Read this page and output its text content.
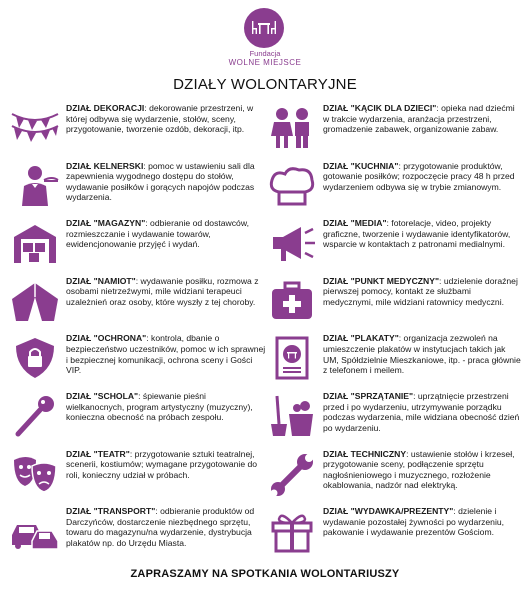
Fundacja
WOLNE MIEJSCE
DZIAŁY WOLONTARYJNE
DZIAŁ DEKORACJI: dekorowanie przestrzeni, w której odbywa się wydarzenie, stołów, sceny, przygotowanie, tworzenie ozdób, dekoracji, itp.
DZIAŁ KELNERSKI: pomoc w ustawieniu sali dla zapewnienia wygodnego dostępu do stołów, wydawanie posiłków i gorących napojów podczas wydarzenia.
DZIAŁ "MAGAZYN": odbieranie od dostawców, rozmieszczanie i wydawanie towarów, ewidencjonowanie przyjęć i wydań.
DZIAŁ "NAMIOT": wydawanie posiłku, rozmowa z osobami nietrzeźwymi, mile widziani terapeuci uzależnień oraz osoby, które wyszły z tej choroby.
DZIAŁ "OCHRONA": kontrola, dbanie o bezpieczeństwo uczestników, pomoc w ich sprawnej i bezpiecznej komunikacji, ochrona sceny i Gości VIP.
DZIAŁ "SCHOLA": śpiewanie pieśni wielkanocnych, program artystyczny (muzyczny), konieczna obecność na próbach zespołu.
DZIAŁ "TEATR": przygotowanie sztuki teatralnej, scenerii, kostiumów; wymagane przygotowanie do roli, konieczny udział w próbach.
DZIAŁ "TRANSPORT": odbieranie produktów od Darczyńców, dostarczenie niezbędnego sprzętu, towaru do magazynu/na wydarzenie, dystrybucja plakatów np. do Urzędu Miasta.
DZIAŁ "KĄCIK DLA DZIECI": opieka nad dziećmi w trakcie wydarzenia, aranżacja przestrzeni, gromadzenie zabawek, organizowanie zabaw.
DZIAŁ "KUCHNIA": przygotowanie produktów, gotowanie posiłków; rozpoczęcie pracy 48 h przed wydarzeniem odbywa się w trybie zmianowym.
DZIAŁ "MEDIA": fotorelacje, video, projekty graficzne, tworzenie i wydawanie identyfikatorów, wsparcie w kontaktach z patronami medialnymi.
DZIAŁ "PUNKT MEDYCZNY": udzielenie doraźnej pierwszej pomocy, kontakt ze służbami medycznymi, mile widziani ratownicy medyczni.
DZIAŁ "PLAKATY": organizacja zezwoleń na umieszczenie plakatów w instytucjach takich jak UM, Spółdzielnie Mieszkaniowe, itp. - praca głównie z telefonem i meilem.
DZIAŁ "SPRZĄTANIE": uprzątnięcie przestrzeni przed i po wydarzeniu, utrzymywanie porządku podczas wydarzenia, mile widziana obecność dzień po wydarzeniu.
DZIAŁ TECHNICZNY: ustawienie stołów i krzeseł, przygotowanie sceny, podłączenie sprzętu nagłośnieniowego i muzycznego, rozłożenie okablowania, nadzór nad elektryką.
DZIAŁ "WYDAWKA/PREZENTY": dzielenie i wydawanie pozostałej żywności po wydarzeniu, pakowanie i wydawanie prezentów Gościom.
ZAPRASZAMY NA SPOTKANIA WOLONTARIUSZY
